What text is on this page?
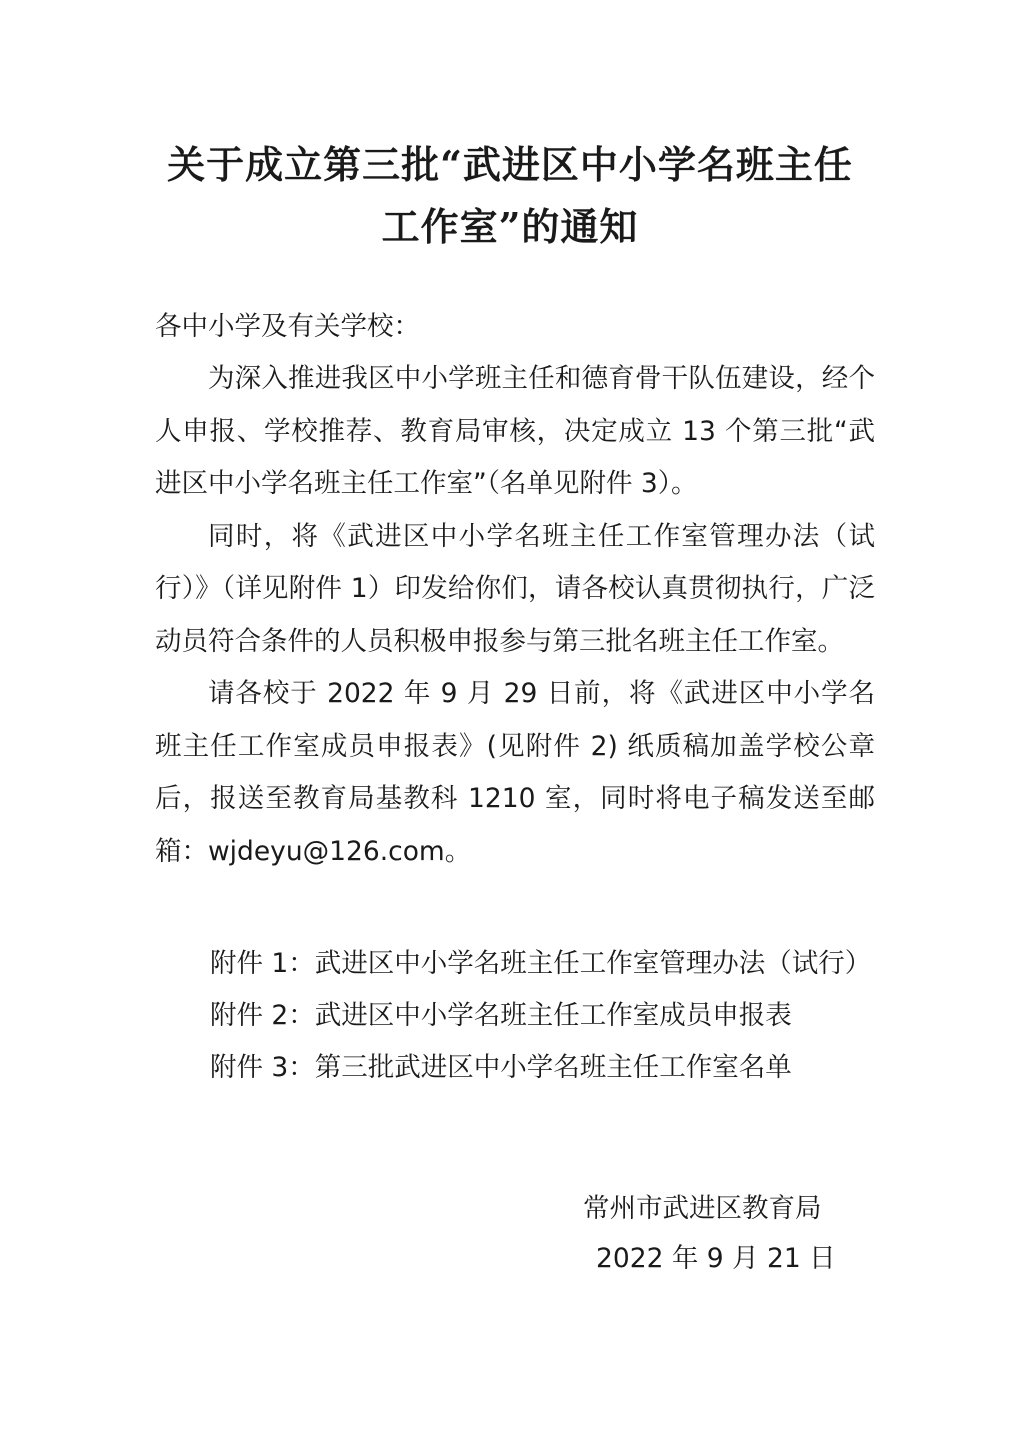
关于成立第三批“武进区中小学名班主任
工作室”的通知
各中小学及有关学校：

为深入推进我区中小学班主任和德育骨干队伍建设，经个人申报、学校推荐、教育局审核，决定成立 13 个第三批“武进区中小学名班主任工作室”（名单见附件 3）。

同时，将《武进区中小学名班主任工作室管理办法（试行）》（详见附件 1）印发给你们，请各校认真贯彻执行，广泛动员符合条件的人员积极申报参与第三批名班主任工作室。

请各校于 2022 年 9 月 29 日前，将《武进区中小学名班主任工作室成员申报表》(见附件 2) 纸质稿加盖学校公章后，报送至教育局基教科 1210 室，同时将电子稿发送至邮箱：wjdeyu@126.com。

附件 1：武进区中小学名班主任工作室管理办法（试行）
附件 2：武进区中小学名班主任工作室成员申报表
附件 3：第三批武进区中小学名班主任工作室名单
常州市武进区教育局
2022 年 9 月 21 日
